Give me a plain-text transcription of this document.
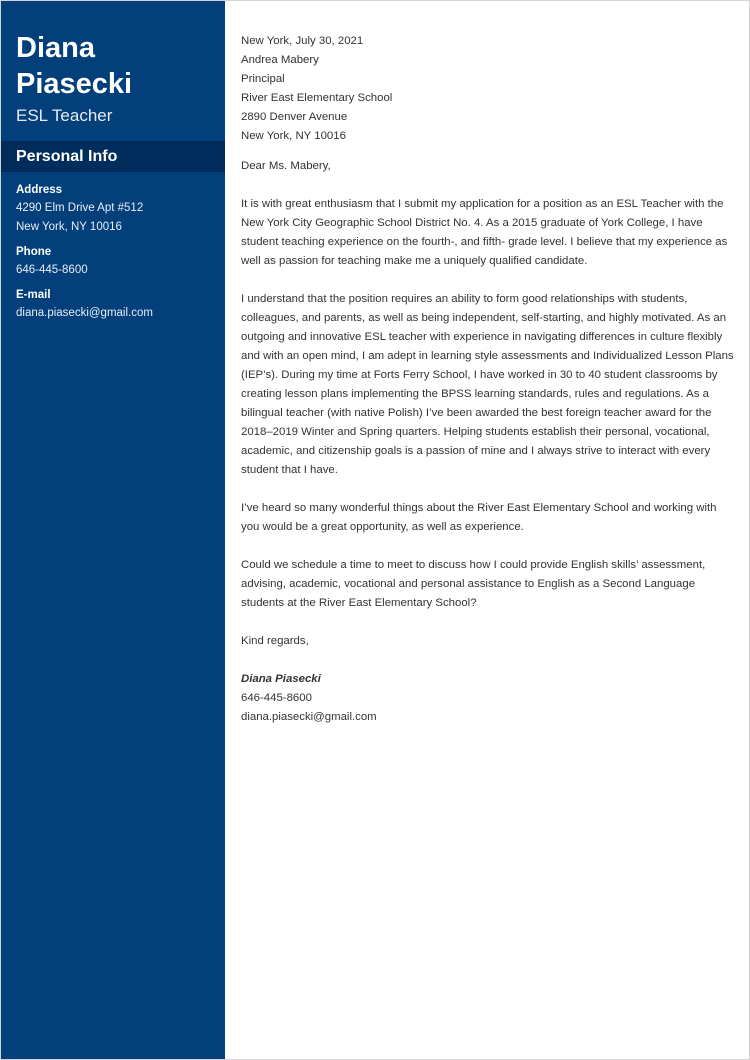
Diana
Piasecki
ESL Teacher
Personal Info
Address
4290 Elm Drive Apt #512
New York, NY 10016
Phone
646-445-8600
E-mail
diana.piasecki@gmail.com

New York, July 30, 2021

Andrea Mabery

Principal

River East Elementary School

2890 Denver Avenue

New York, NY 10016

Dear Ms. Mabery,

It is with great enthusiasm that I submit my application for a position as an ESL Teacher with the New York City Geographic School District No. 4. As a 2015 graduate of York College, I have student teaching experience on the fourth-, and fifth- grade level. I believe that my experience as well as passion for teaching make me a uniquely qualified candidate.

I understand that the position requires an ability to form good relationships with students, colleagues, and parents, as well as being independent, self-starting, and highly motivated. As an outgoing and innovative ESL teacher with experience in navigating differences in culture flexibly and with an open mind, I am adept in learning style assessments and Individualized Lesson Plans (IEP’s). During my time at Forts Ferry School, I have worked in 30 to 40 student classrooms by creating lesson plans implementing the BPSS learning standards, rules and regulations. As a bilingual teacher (with native Polish) I’ve been awarded the best foreign teacher award for the 2018–2019 Winter and Spring quarters. Helping students establish their personal, vocational, academic, and citizenship goals is a passion of mine and I always strive to interact with every student that I have.

I’ve heard so many wonderful things about the River East Elementary School and working with you would be a great opportunity, as well as experience.

Could we schedule a time to meet to discuss how I could provide English skills’ assessment, advising, academic, vocational and personal assistance to English as a Second Language students at the River East Elementary School?

Kind regards,

Diana Piasecki

646-445-8600

diana.piasecki@gmail.com
